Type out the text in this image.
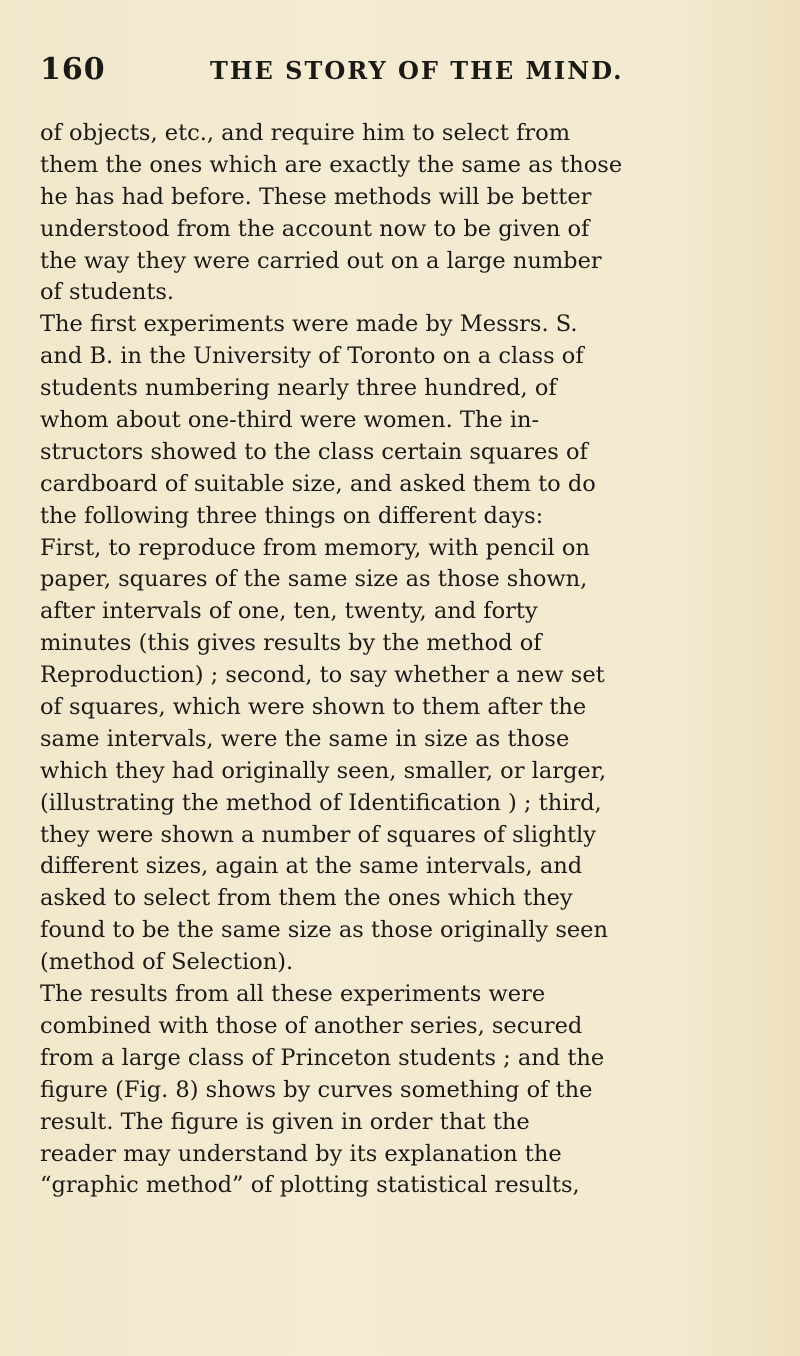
160	THE STORY OF THE MIND.
of objects, etc., and require him to select from
them the ones which are exactly the same as those
he has had before. These methods will be better
understood from the account now to be given of
the way they were carried out on a large number
of students.
The first experiments were made by Messrs. S.
and B. in the University of Toronto on a class of
students numbering nearly three hundred, of
whom about one-third were women. The in-
structors showed to the class certain squares of
cardboard of suitable size, and asked them to do
the following three things on different days:
First, to reproduce from memory, with pencil on
paper, squares of the same size as those shown,
after intervals of one, ten, twenty, and forty
minutes (this gives results by the method of
Reproduction) ; second, to say whether a new set
of squares, which were shown to them after the
same intervals, were the same in size as those
which they had originally seen, smaller, or larger,
(illustrating the method of Identification ) ; third,
they were shown a number of squares of slightly
different sizes, again at the same intervals, and
asked to select from them the ones which they
found to be the same size as those originally seen
(method of Selection).
The results from all these experiments were
combined with those of another series, secured
from a large class of Princeton students ; and the
figure (Fig. 8) shows by curves something of the
result. The figure is given in order that the
reader may understand by its explanation the
“graphic method” of plotting statistical results,
